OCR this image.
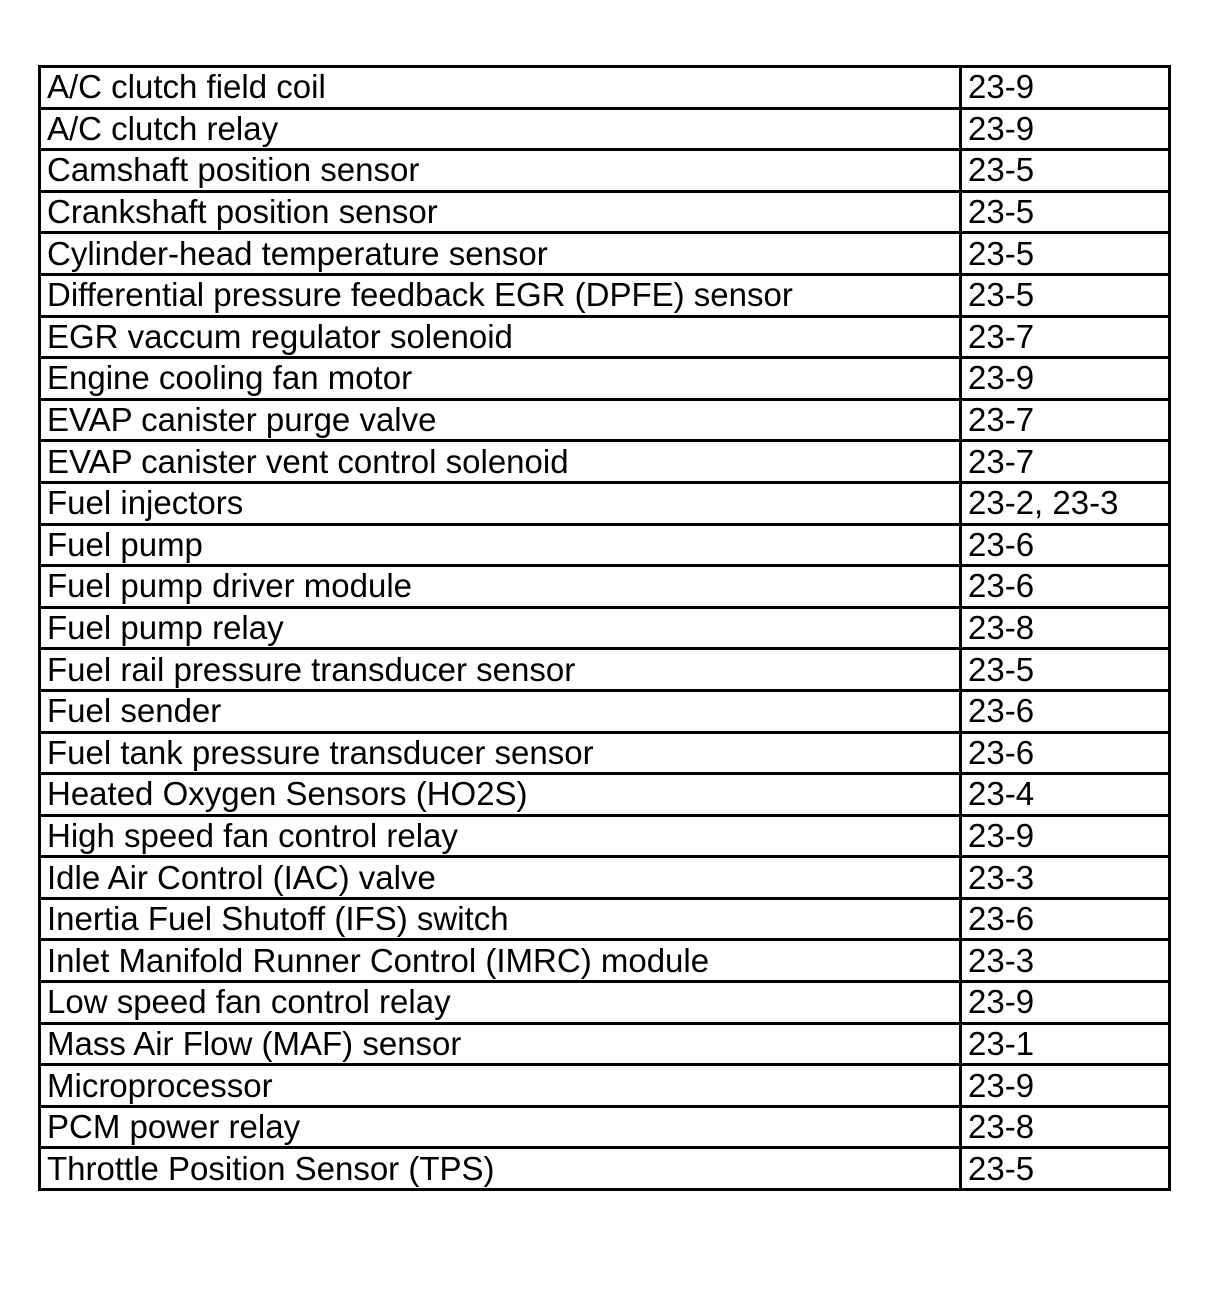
A/C clutch field coil	23-9
A/C clutch relay	23-9
Camshaft position sensor	23-5
Crankshaft position sensor	23-5
Cylinder-head temperature sensor	23-5
Differential pressure feedback EGR (DPFE) sensor	23-5
EGR vaccum regulator solenoid	23-7
Engine cooling fan motor	23-9
EVAP canister purge valve	23-7
EVAP canister vent control solenoid	23-7
Fuel injectors	23-2, 23-3
Fuel pump	23-6
Fuel pump driver module	23-6
Fuel pump relay	23-8
Fuel rail pressure transducer sensor	23-5
Fuel sender	23-6
Fuel tank pressure transducer sensor	23-6
Heated Oxygen Sensors (HO2S)	23-4
High speed fan control relay	23-9
Idle Air Control (IAC) valve	23-3
Inertia Fuel Shutoff (IFS) switch	23-6
Inlet Manifold Runner Control (IMRC) module	23-3
Low speed fan control relay	23-9
Mass Air Flow (MAF) sensor	23-1
Microprocessor	23-9
PCM power relay	23-8
Throttle Position Sensor (TPS)	23-5
